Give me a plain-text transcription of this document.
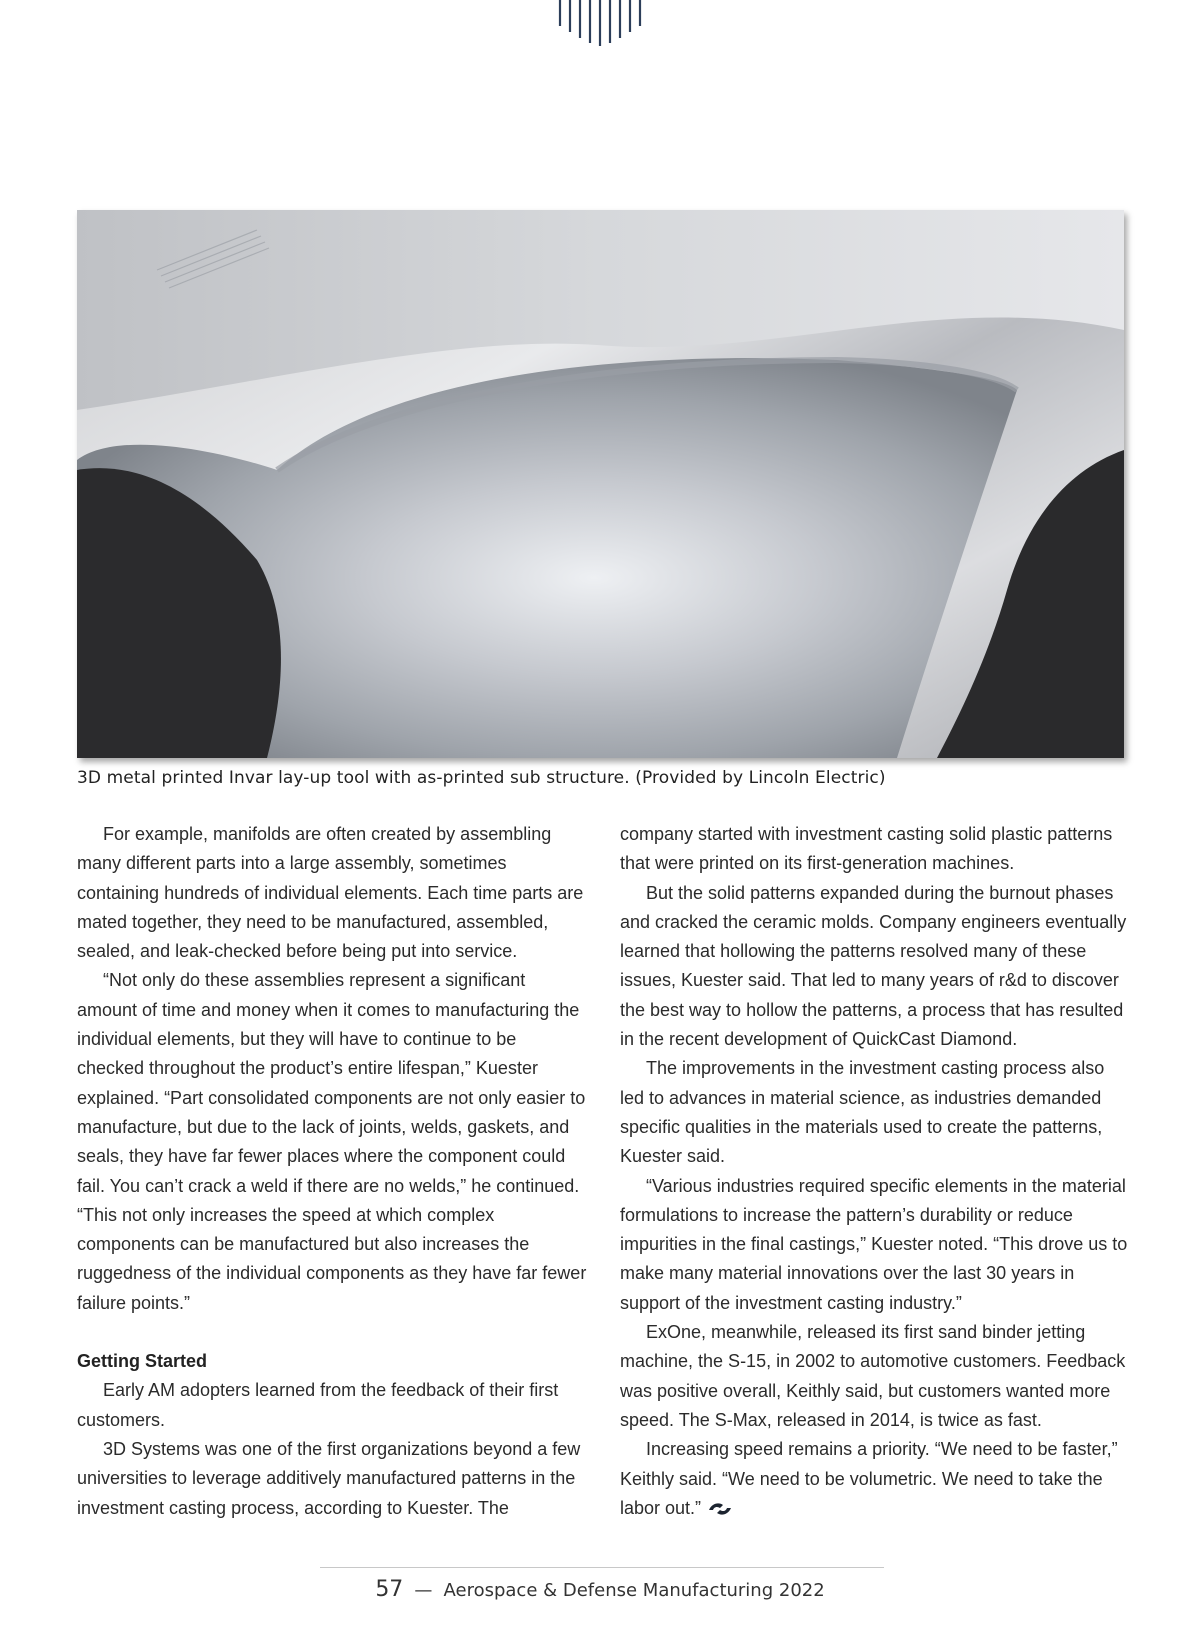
3D metal printed Invar lay-up tool with as-printed sub structure. (Provided by Lincoln Electric)

For example, manifolds are often created by assembling many different parts into a large assembly, sometimes containing hundreds of individual elements. Each time parts are mated together, they need to be manufactured, assembled, sealed, and leak-checked before being put into service.

“Not only do these assemblies represent a significant amount of time and money when it comes to manufacturing the individual elements, but they will have to continue to be checked throughout the product’s entire lifespan,” Kuester explained. “Part consolidated components are not only easier to manufacture, but due to the lack of joints, welds, gaskets, and seals, they have far fewer places where the component could fail. You can’t crack a weld if there are no welds,” he continued. “This not only increases the speed at which complex components can be manufactured but also increases the ruggedness of the individual components as they have far fewer failure points.”

Getting Started

Early AM adopters learned from the feedback of their first customers.

3D Systems was one of the first organizations beyond a few universities to leverage additively manufactured patterns in the investment casting process, according to Kuester. The

company started with investment casting solid plastic patterns that were printed on its first-generation machines.

But the solid patterns expanded during the burnout phases and cracked the ceramic molds. Company engineers eventually learned that hollowing the patterns resolved many of these issues, Kuester said. That led to many years of r&d to discover the best way to hollow the patterns, a process that has resulted in the recent development of QuickCast Diamond.

The improvements in the investment casting process also led to advances in material science, as industries demanded specific qualities in the materials used to create the patterns, Kuester said.

“Various industries required specific elements in the material formulations to increase the pattern’s durability or reduce impurities in the final castings,” Kuester noted. “This drove us to make many material innovations over the last 30 years in support of the investment casting industry.”

ExOne, meanwhile, released its first sand binder jetting machine, the S-15, in 2002 to automotive customers. Feedback was positive overall, Keithly said, but customers wanted more speed. The S-Max, released in 2014, is twice as fast.

Increasing speed remains a priority. “We need to be faster,” Keithly said. “We need to be volumetric. We need to take the labor out.”

57 — Aerospace & Defense Manufacturing 2022
